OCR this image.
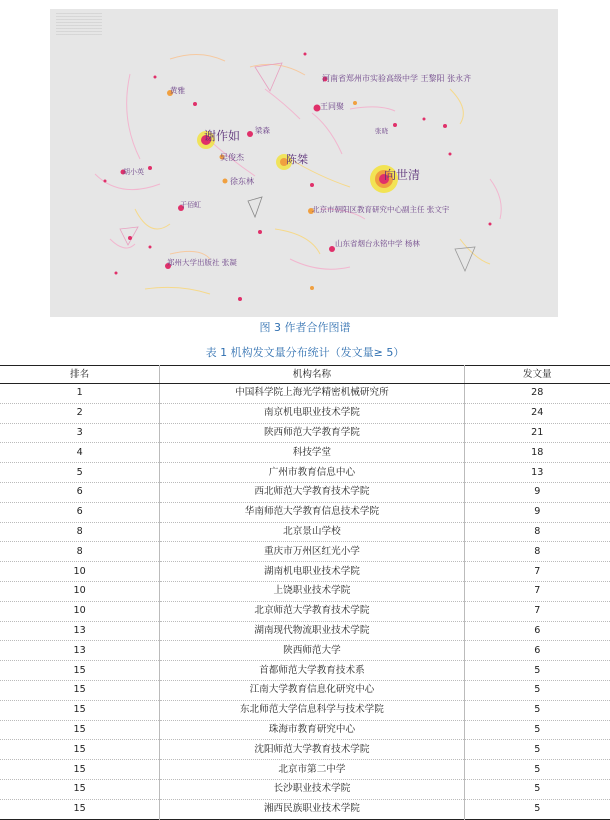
河南省郑州市实验高级中学 王黎阳 张永齐
王同聚
谢作如
陈桀
向世清
吴俊杰
徐东林
北京市朝阳区教育研究中心副主任 张文宇
山东省烟台永铭中学 杨林
郑州大学出版社 张凝
黄雅
梁森
于佰虹
胡小英
张晓
图 3 作者合作图谱
表 1 机构发文量分布统计（发文量≥ 5）
排名	机构名称	发文量
1	中国科学院上海光学精密机械研究所	28
2	南京机电职业技术学院	24
3	陕西师范大学教育学院	21
4	科技学堂	18
5	广州市教育信息中心	13
6	西北师范大学教育技术学院	9
6	华南师范大学教育信息技术学院	9
8	北京景山学校	8
8	重庆市万州区红光小学	8
10	湖南机电职业技术学院	7
10	上饶职业技术学院	7
10	北京师范大学教育技术学院	7
13	湖南现代物流职业技术学院	6
13	陕西师范大学	6
15	首都师范大学教育技术系	5
15	江南大学教育信息化研究中心	5
15	东北师范大学信息科学与技术学院	5
15	珠海市教育研究中心	5
15	沈阳师范大学教育技术学院	5
15	北京市第二中学	5
15	长沙职业技术学院	5
15	湘西民族职业技术学院	5
